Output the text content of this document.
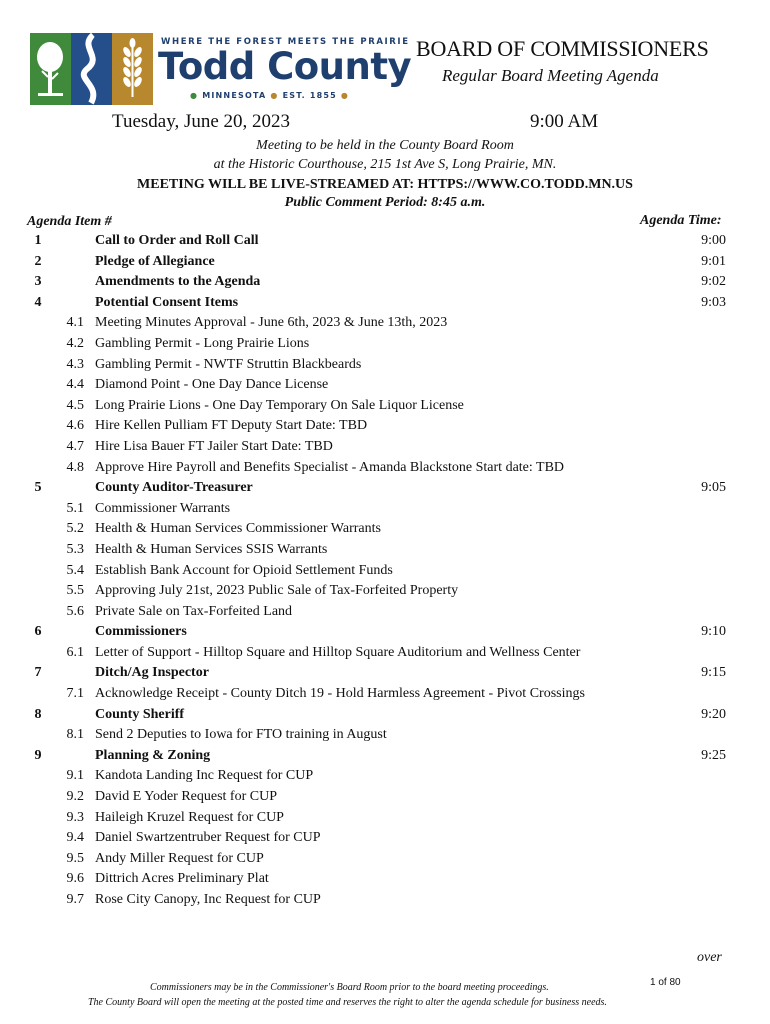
WHERE THE FOREST MEETS THE PRAIRIE
Todd County
● MINNESOTA ● EST. 1855 ●
BOARD OF COMMISSIONERS
Regular Board Meeting Agenda
Tuesday, June 20, 2023	9:00 AM
Meeting to be held in the County Board Room
at the Historic Courthouse, 215 1st Ave S, Long Prairie, MN.
MEETING WILL BE LIVE-STREAMED AT: HTTPS://WWW.CO.TODD.MN.US
Public Comment Period: 8:45 a.m.
Agenda Item #	Agenda Time:
1	Call to Order and Roll Call	9:00
2	Pledge of Allegiance	9:01
3	Amendments to the Agenda	9:02
4	Potential Consent Items	9:03
4.1 Meeting Minutes Approval - June 6th, 2023 & June 13th, 2023
4.2 Gambling Permit - Long Prairie Lions
4.3 Gambling Permit - NWTF Struttin Blackbeards
4.4 Diamond Point - One Day Dance License
4.5 Long Prairie Lions - One Day Temporary On Sale Liquor License
4.6 Hire Kellen Pulliam FT Deputy Start Date: TBD
4.7 Hire Lisa Bauer FT Jailer Start Date: TBD
4.8 Approve Hire Payroll and Benefits Specialist - Amanda Blackstone Start date: TBD
5	County Auditor-Treasurer	9:05
5.1 Commissioner Warrants
5.2 Health & Human Services Commissioner Warrants
5.3 Health & Human Services SSIS Warrants
5.4 Establish Bank Account for Opioid Settlement Funds
5.5 Approving July 21st, 2023 Public Sale of Tax-Forfeited Property
5.6 Private Sale on Tax-Forfeited Land
6	Commissioners	9:10
6.1 Letter of Support - Hilltop Square and Hilltop Square Auditorium and Wellness Center
7	Ditch/Ag Inspector	9:15
7.1 Acknowledge Receipt - County Ditch 19 - Hold Harmless Agreement - Pivot Crossings
8	County Sheriff	9:20
8.1 Send 2 Deputies to Iowa for FTO training in August
9	Planning & Zoning	9:25
9.1 Kandota Landing Inc Request for CUP
9.2 David E Yoder Request for CUP
9.3 Haileigh Kruzel Request for CUP
9.4 Daniel Swartzentruber Request for CUP
9.5 Andy Miller Request for CUP
9.6 Dittrich Acres Preliminary Plat
9.7 Rose City Canopy, Inc Request for CUP
over
Commissioners may be in the Commissioner's Board Room prior to the board meeting proceedings.	1 of 80
The County Board will open the meeting at the posted time and reserves the right to alter the agenda schedule for business needs.
